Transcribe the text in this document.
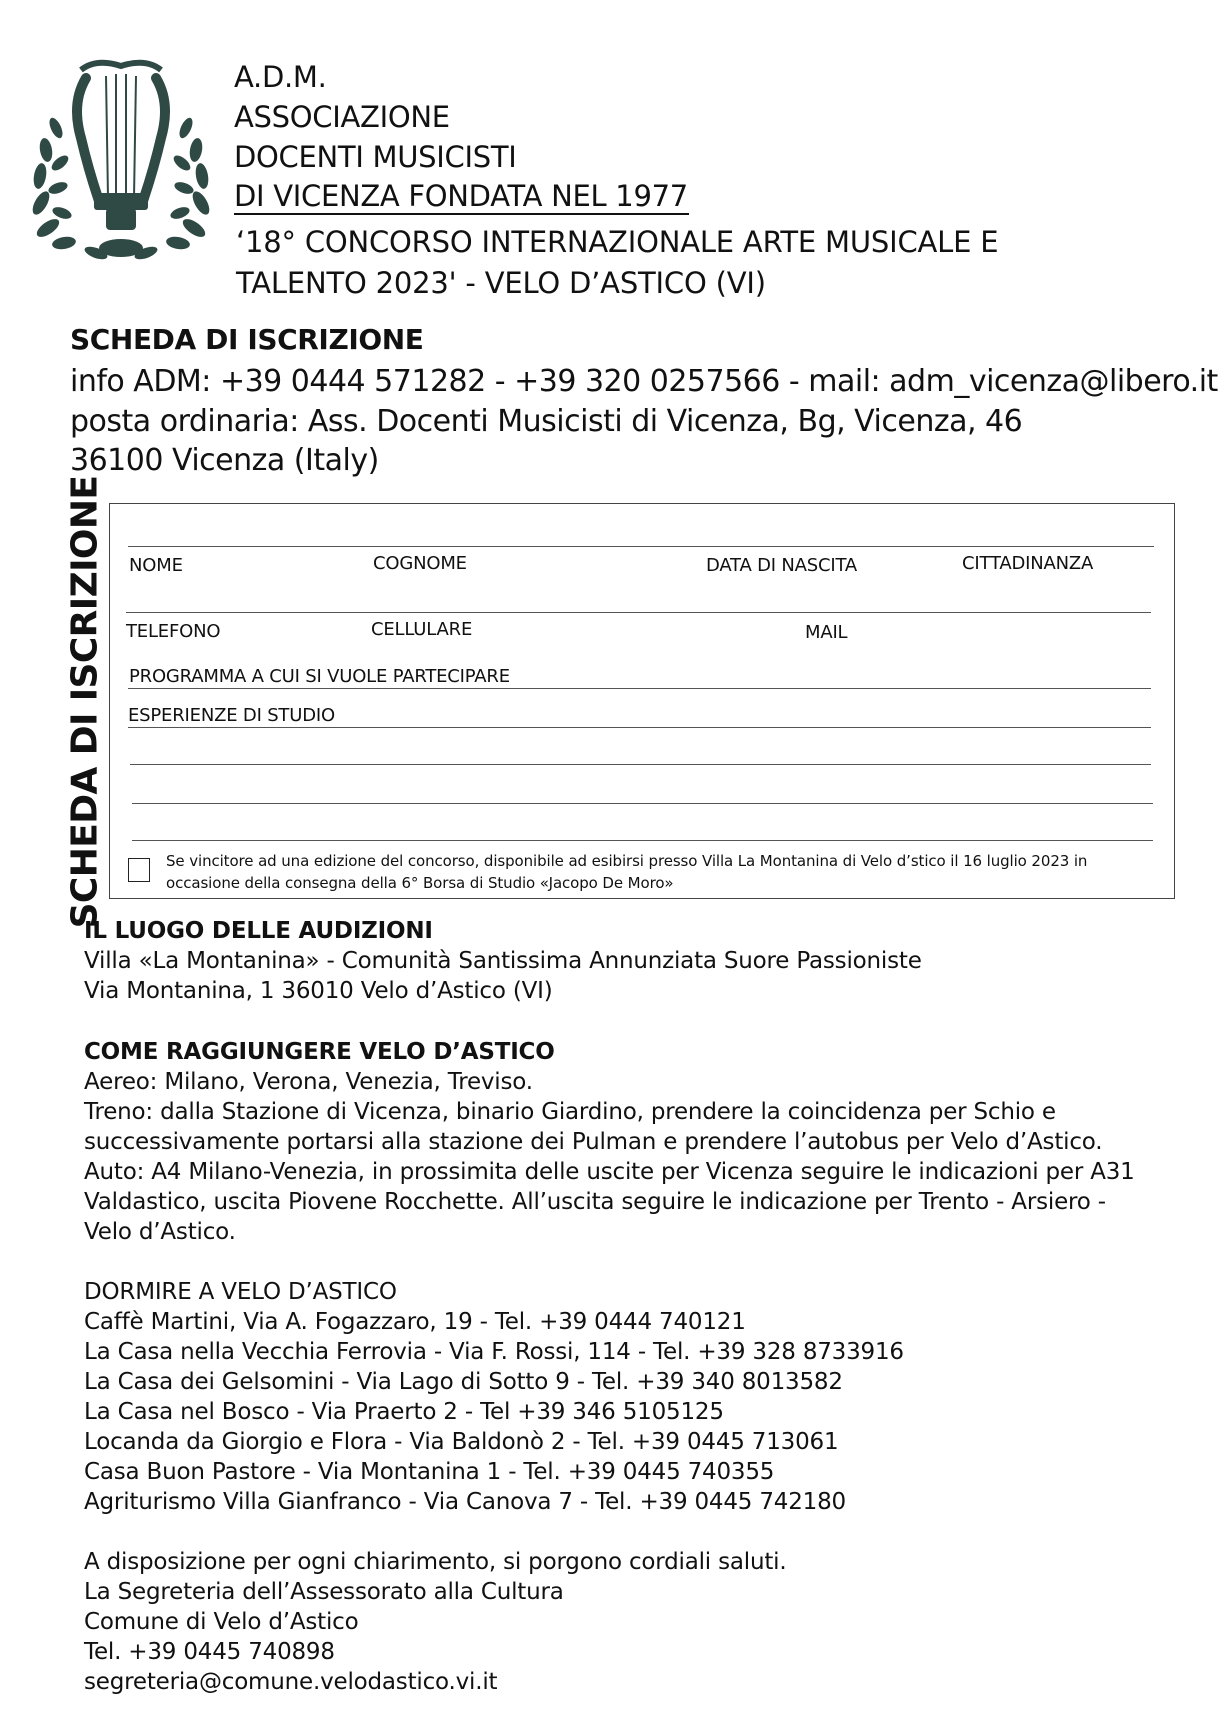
A.D.M.
ASSOCIAZIONE
DOCENTI MUSICISTI
DI VICENZA FONDATA NEL 1977
‘18° CONCORSO INTERNAZIONALE ARTE MUSICALE E
TALENTO 2023' - VELO D’ASTICO (VI)
SCHEDA DI ISCRIZIONE
info ADM: +39 0444 571282 - +39 320 0257566 - mail: adm_vicenza@libero.it
posta ordinaria: Ass. Docenti Musicisti di Vicenza, Bg, Vicenza, 46
36100 Vicenza (Italy)
SCHEDA DI ISCRIZIONE NOME	COGNOME	DATA DI NASCITA	CITTADINANZA
TELEFONO	CELLULARE	MAIL
PROGRAMMA A CUI SI VUOLE PARTECIPARE
ESPERIENZE DI STUDIO
Se vincitore ad una edizione del concorso, disponibile ad esibirsi presso Villa La Montanina di Velo d’stico il 16 luglio 2023 in
occasione della consegna della 6° Borsa di Studio «Jacopo De Moro»
IL LUOGO DELLE AUDIZIONI
Villa «La Montanina» - Comunità Santissima Annunziata Suore Passioniste
Via Montanina, 1 36010 Velo d’Astico (VI)
COME RAGGIUNGERE VELO D’ASTICO
Aereo: Milano, Verona, Venezia, Treviso.
Treno: dalla Stazione di Vicenza, binario Giardino, prendere la coincidenza per Schio e
successivamente portarsi alla stazione dei Pulman e prendere l’autobus per Velo d’Astico.
Auto: A4 Milano-Venezia, in prossimita delle uscite per Vicenza seguire le indicazioni per A31
Valdastico, uscita Piovene Rocchette. All’uscita seguire le indicazione per Trento - Arsiero -
Velo d’Astico.
DORMIRE A VELO D’ASTICO
Caffè Martini, Via A. Fogazzaro, 19 - Tel. +39 0444 740121
La Casa nella Vecchia Ferrovia - Via F. Rossi, 114 - Tel. +39 328 8733916
La Casa dei Gelsomini - Via Lago di Sotto 9 - Tel. +39 340 8013582
La Casa nel Bosco - Via Praerto 2 - Tel +39 346 5105125
Locanda da Giorgio e Flora - Via Baldonò 2 - Tel. +39 0445 713061
Casa Buon Pastore - Via Montanina 1 - Tel. +39 0445 740355
Agriturismo Villa Gianfranco - Via Canova 7 - Tel. +39 0445 742180
A disposizione per ogni chiarimento, si porgono cordiali saluti.
La Segreteria dell’Assessorato alla Cultura
Comune di Velo d’Astico
Tel. +39 0445 740898
segreteria@comune.velodastico.vi.it
